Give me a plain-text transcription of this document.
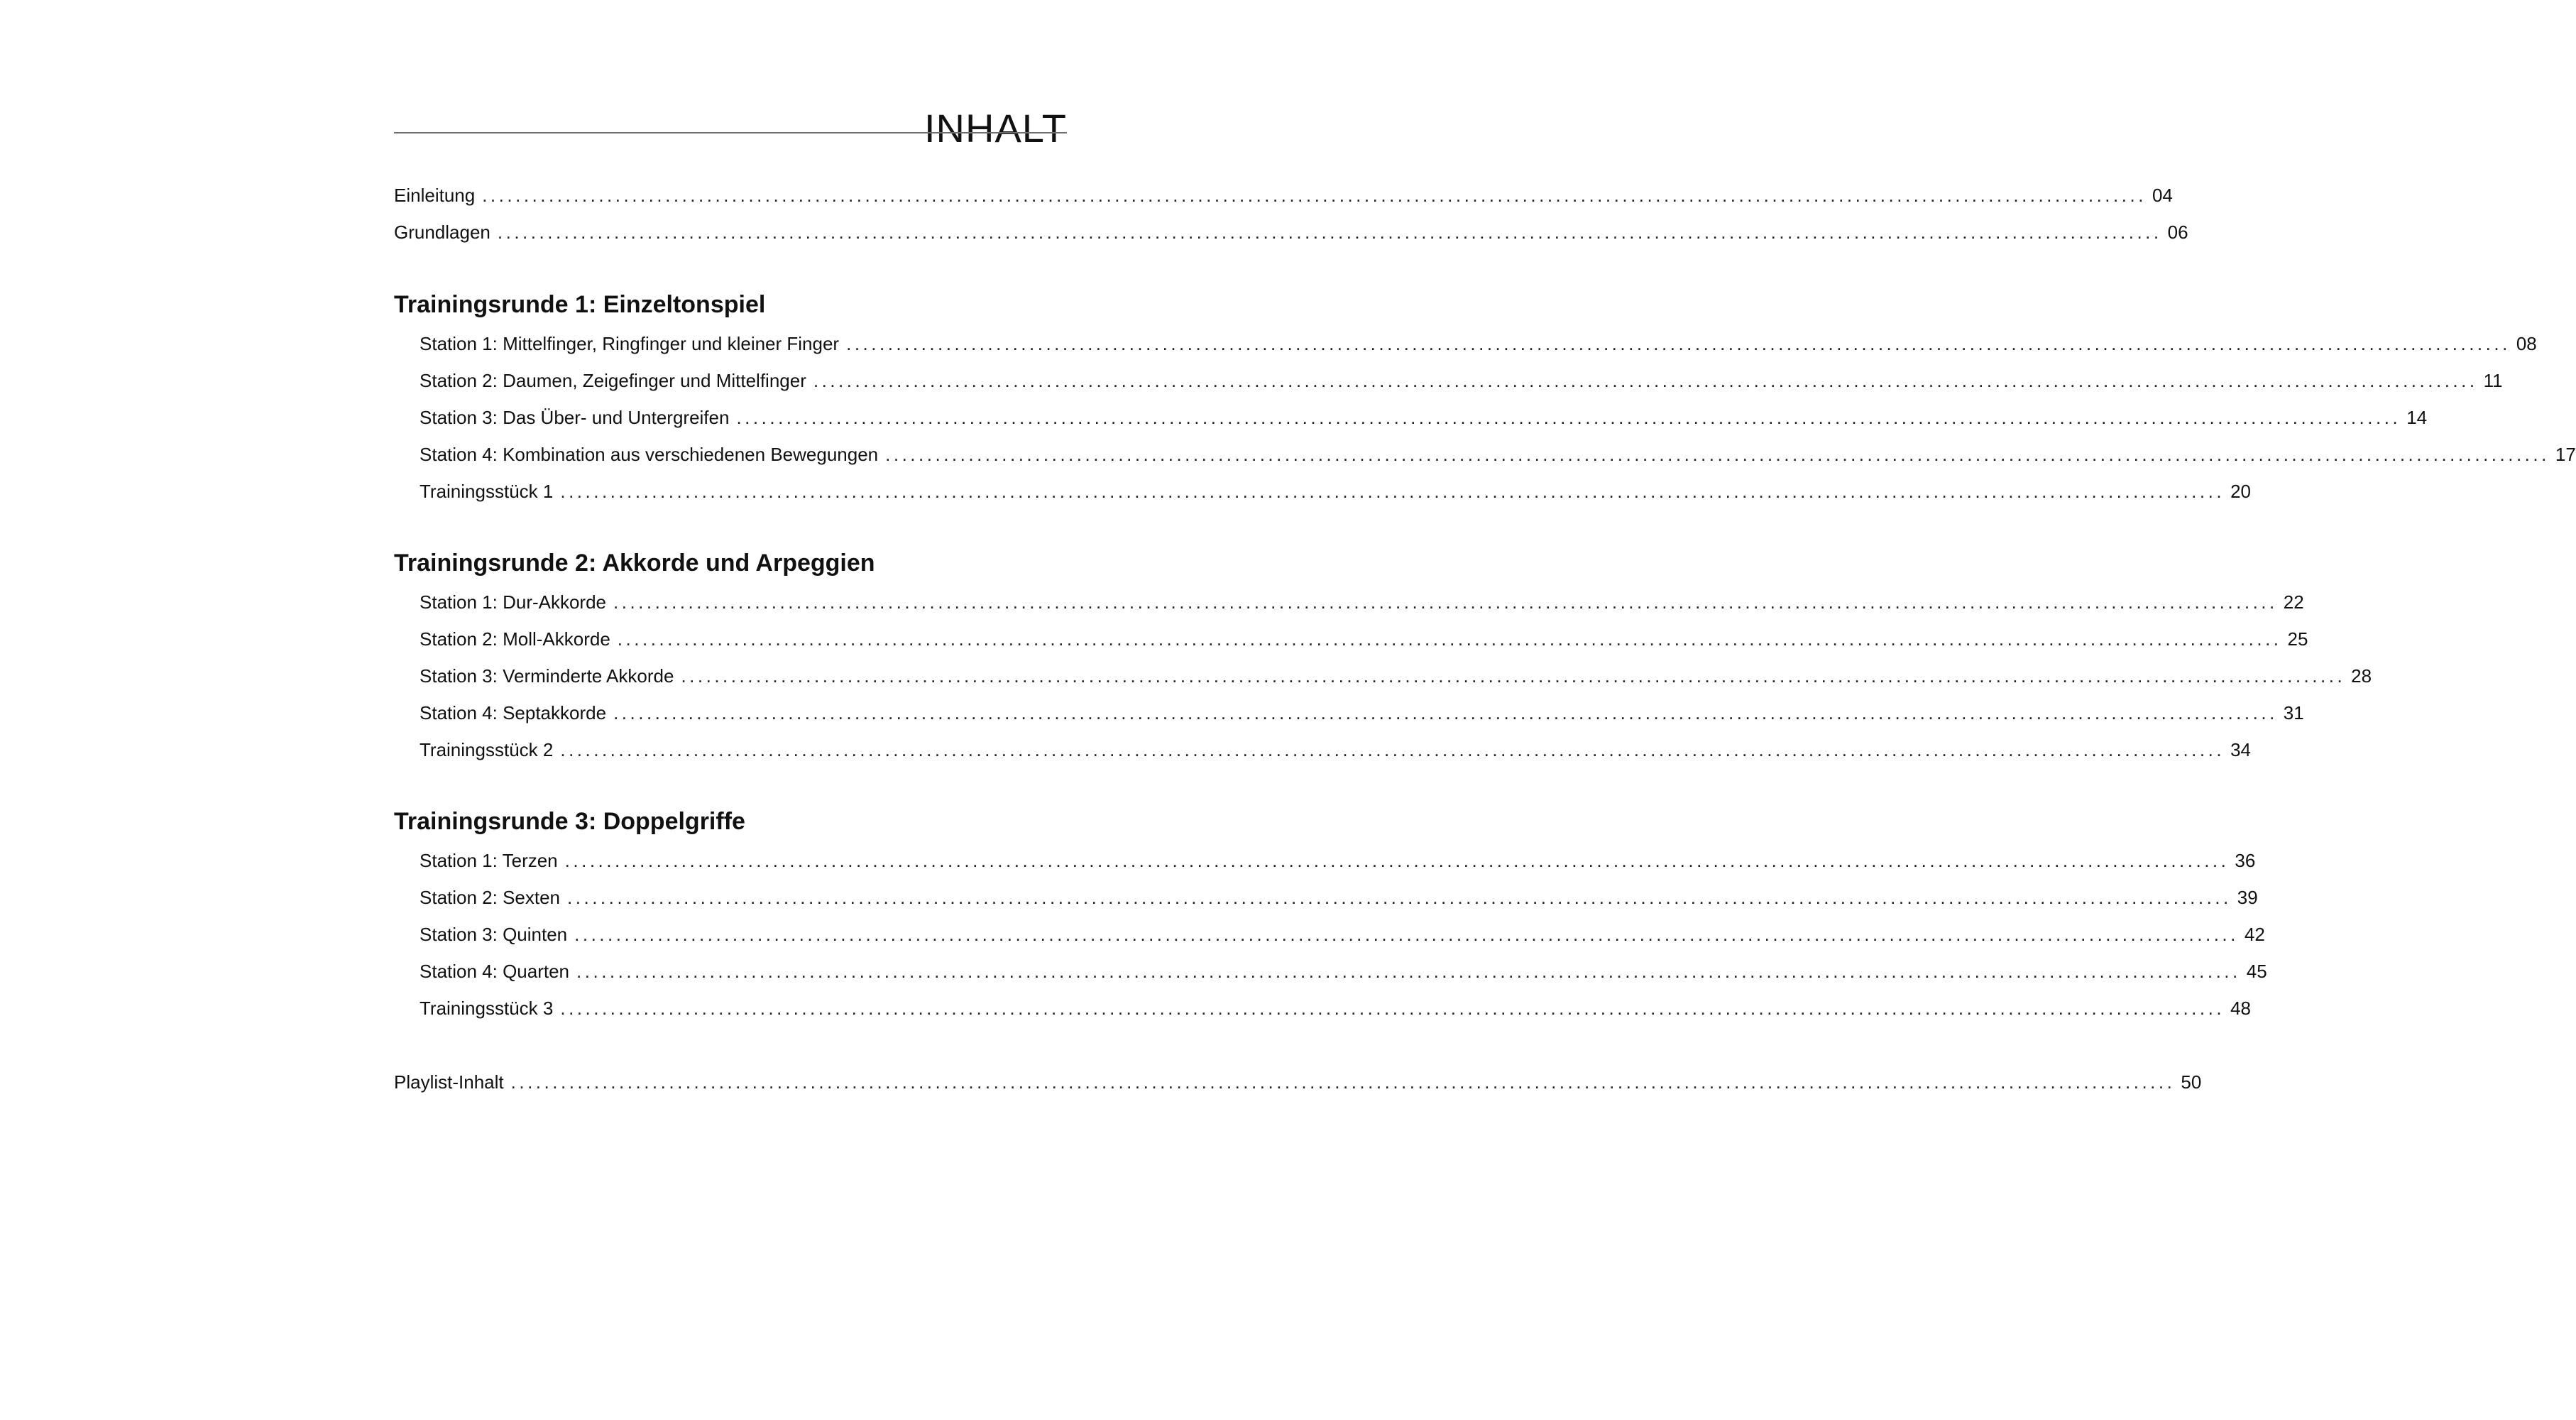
INHALT
Einleitung ........................................................................................................................................................................................................ 04
Grundlagen ........................................................................................................................................................................................................ 06
Trainingsrunde 1: Einzeltonspiel
Station 1: Mittelfinger, Ringfinger und kleiner Finger ........................................................................................................................................................................................................ 08
Station 2: Daumen, Zeigefinger und Mittelfinger ........................................................................................................................................................................................................ 11
Station 3: Das Über- und Untergreifen ........................................................................................................................................................................................................ 14
Station 4: Kombination aus verschiedenen Bewegungen ........................................................................................................................................................................................................ 17
Trainingsstück 1 ........................................................................................................................................................................................................ 20
Trainingsrunde 2: Akkorde und Arpeggien
Station 1: Dur-Akkorde ........................................................................................................................................................................................................ 22
Station 2: Moll-Akkorde ........................................................................................................................................................................................................ 25
Station 3: Verminderte Akkorde ........................................................................................................................................................................................................ 28
Station 4: Septakkorde ........................................................................................................................................................................................................ 31
Trainingsstück 2 ........................................................................................................................................................................................................ 34
Trainingsrunde 3: Doppelgriffe
Station 1: Terzen ........................................................................................................................................................................................................ 36
Station 2: Sexten ........................................................................................................................................................................................................ 39
Station 3: Quinten ........................................................................................................................................................................................................ 42
Station 4: Quarten ........................................................................................................................................................................................................ 45
Trainingsstück 3 ........................................................................................................................................................................................................ 48
Playlist-Inhalt ........................................................................................................................................................................................................ 50
